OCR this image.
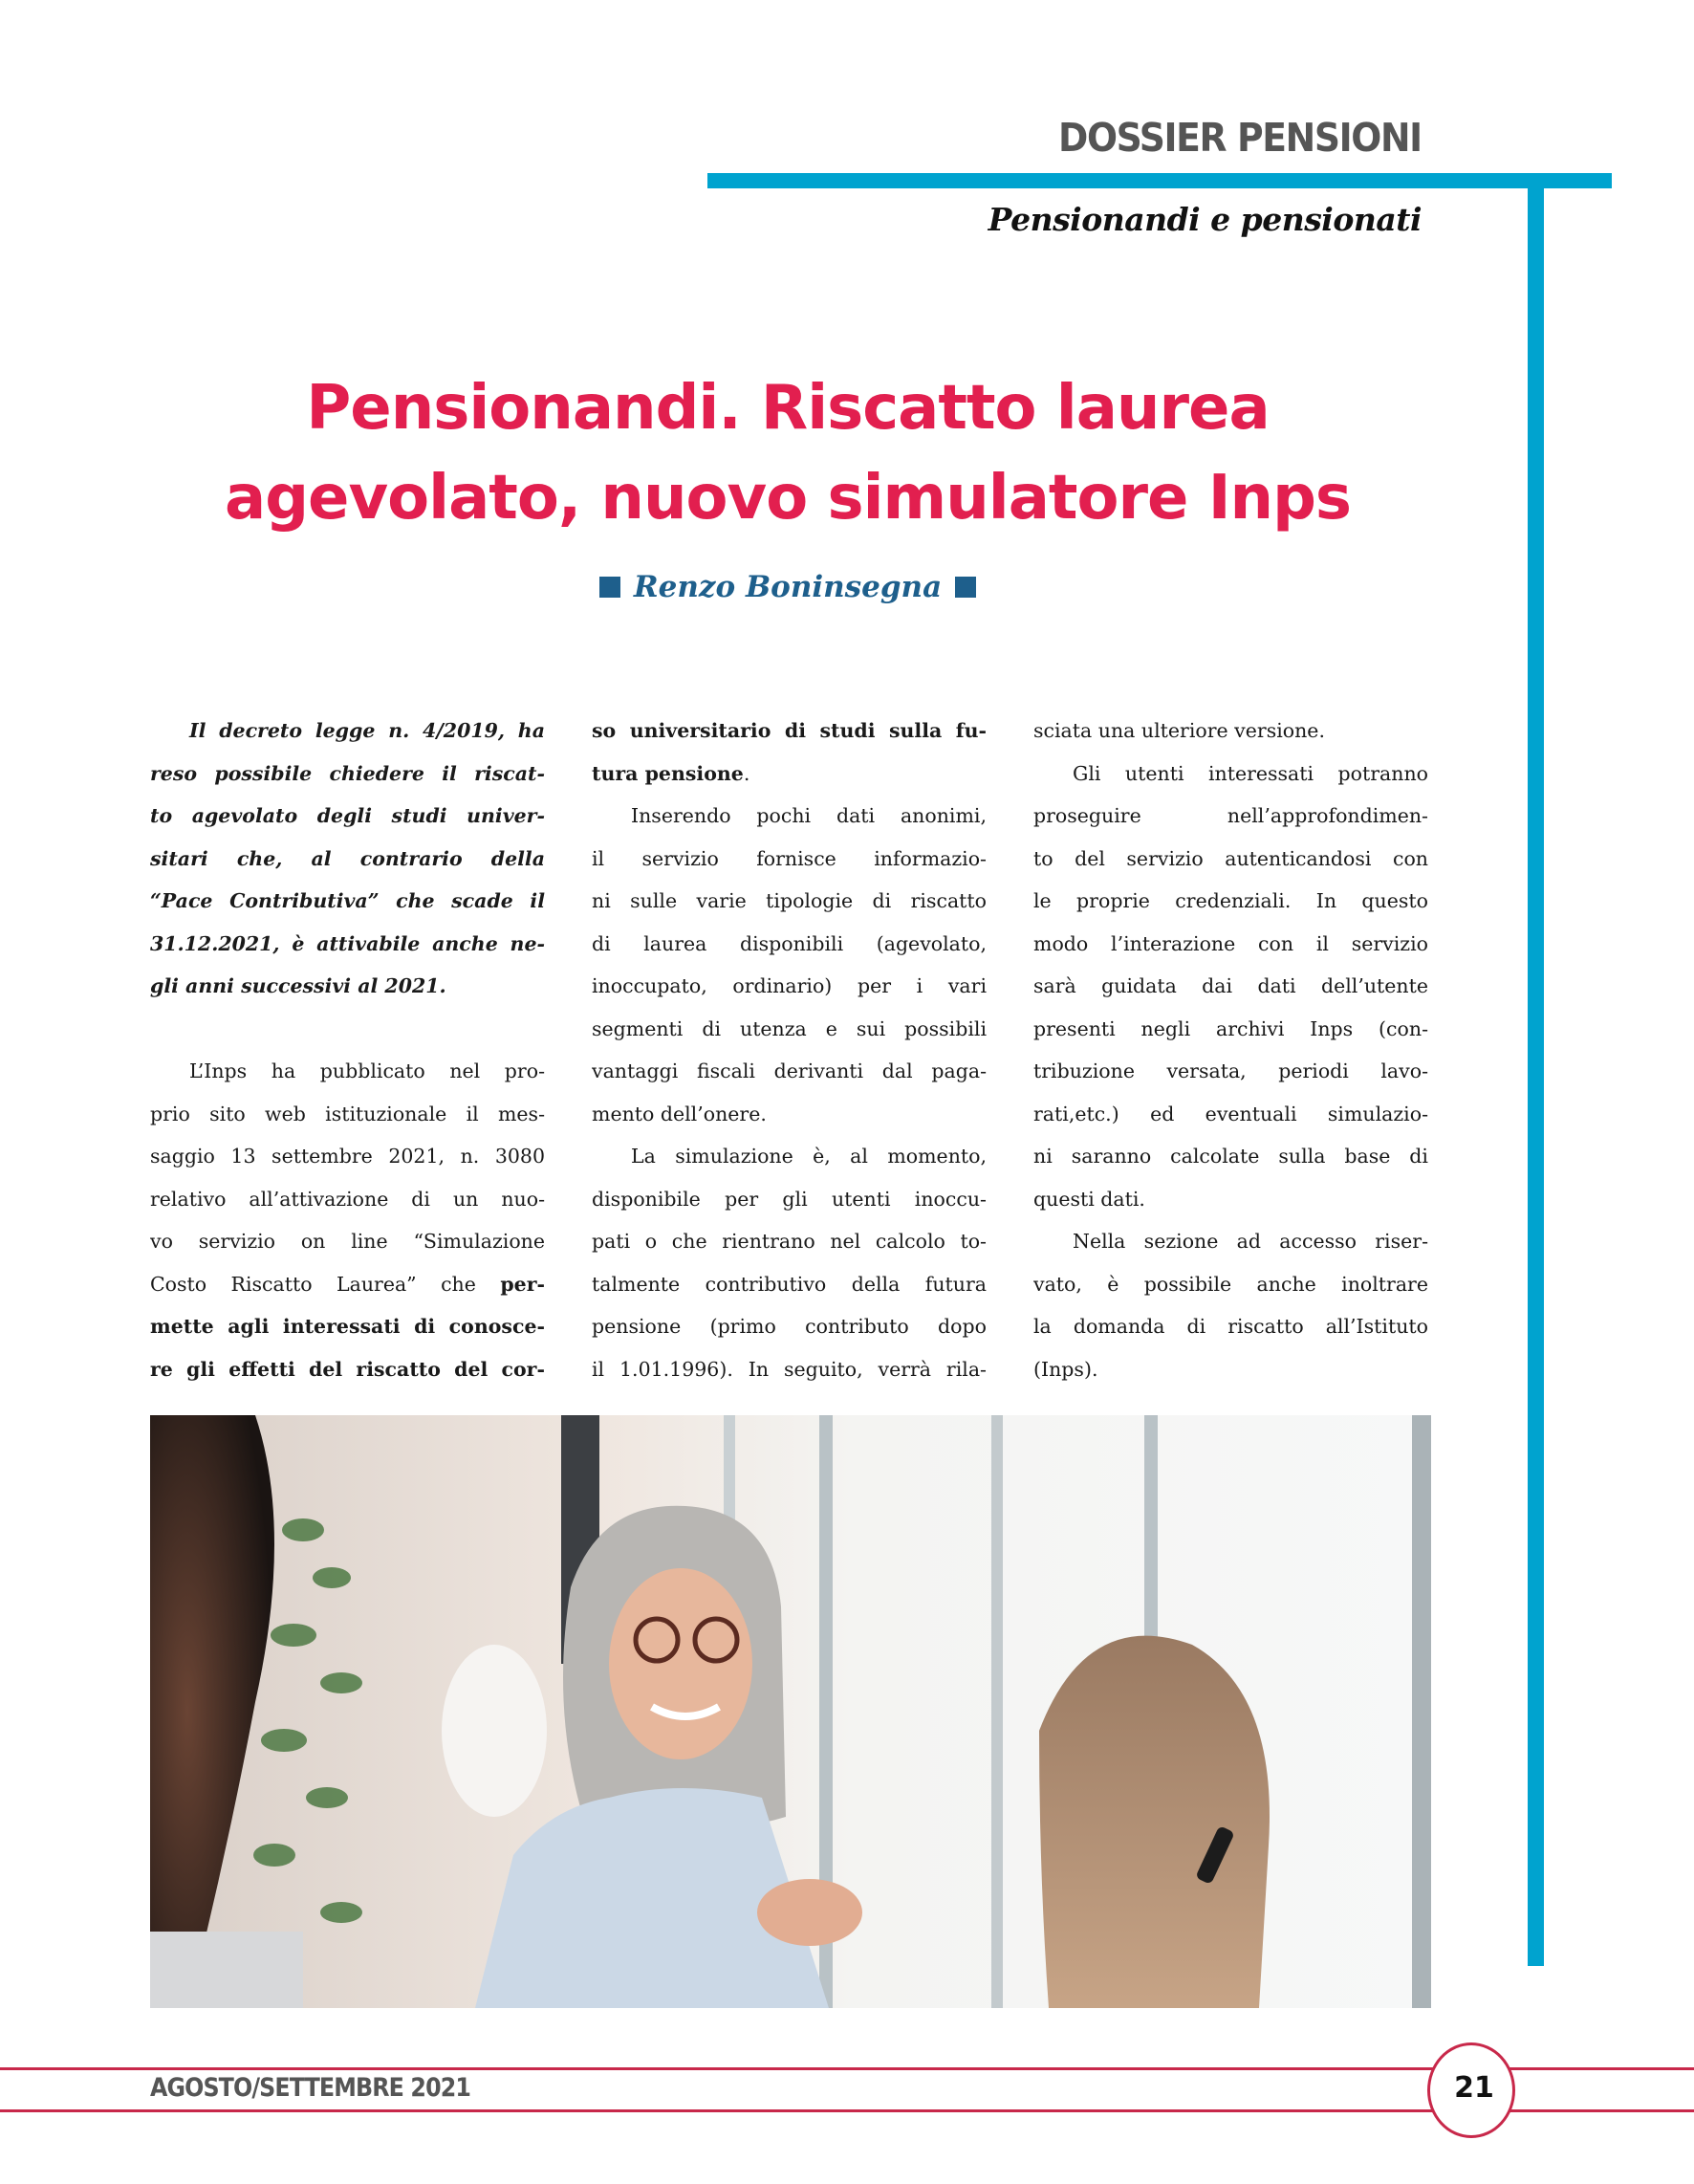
DOSSIER PENSIONI
Pensionandi e pensionati
Pensionandi. Riscatto laurea
agevolato, nuovo simulatore Inps
Renzo Boninsegna
Il decreto legge n. 4/2019, ha
reso possibile chiedere il riscat-
to agevolato degli studi univer-
sitari che, al contrario della
“Pace Contributiva” che scade il
31.12.2021, è attivabile anche ne-
gli anni successivi al 2021.
L’Inps ha pubblicato nel pro-
prio sito web istituzionale il mes-
saggio 13 settembre 2021, n. 3080
relativo all’attivazione di un nuo-
vo servizio on line “Simulazione
Costo Riscatto Laurea” che per-
mette agli interessati di conosce-
re gli effetti del riscatto del cor-
so universitario di studi sulla fu-
tura pensione.
Inserendo pochi dati anonimi,
il servizio fornisce informazio-
ni sulle varie tipologie di riscatto
di laurea disponibili (agevolato,
inoccupato, ordinario) per i vari
segmenti di utenza e sui possibili
vantaggi fiscali derivanti dal paga-
mento dell’onere.
La simulazione è, al momento,
disponibile per gli utenti inoccu-
pati o che rientrano nel calcolo to-
talmente contributivo della futura
pensione (primo contributo dopo
il 1.01.1996). In seguito, verrà rila-
sciata una ulteriore versione.
Gli utenti interessati potranno
proseguire nell’approfondimen-
to del servizio autenticandosi con
le proprie credenziali. In questo
modo l’interazione con il servizio
sarà guidata dai dati dell’utente
presenti negli archivi Inps (con-
tribuzione versata, periodi lavo-
rati,etc.) ed eventuali simulazio-
ni saranno calcolate sulla base di
questi dati.
Nella sezione ad accesso riser-
vato, è possibile anche inoltrare
la domanda di riscatto all’Istituto
(Inps).
AGOSTO/SETTEMBRE 2021	21
